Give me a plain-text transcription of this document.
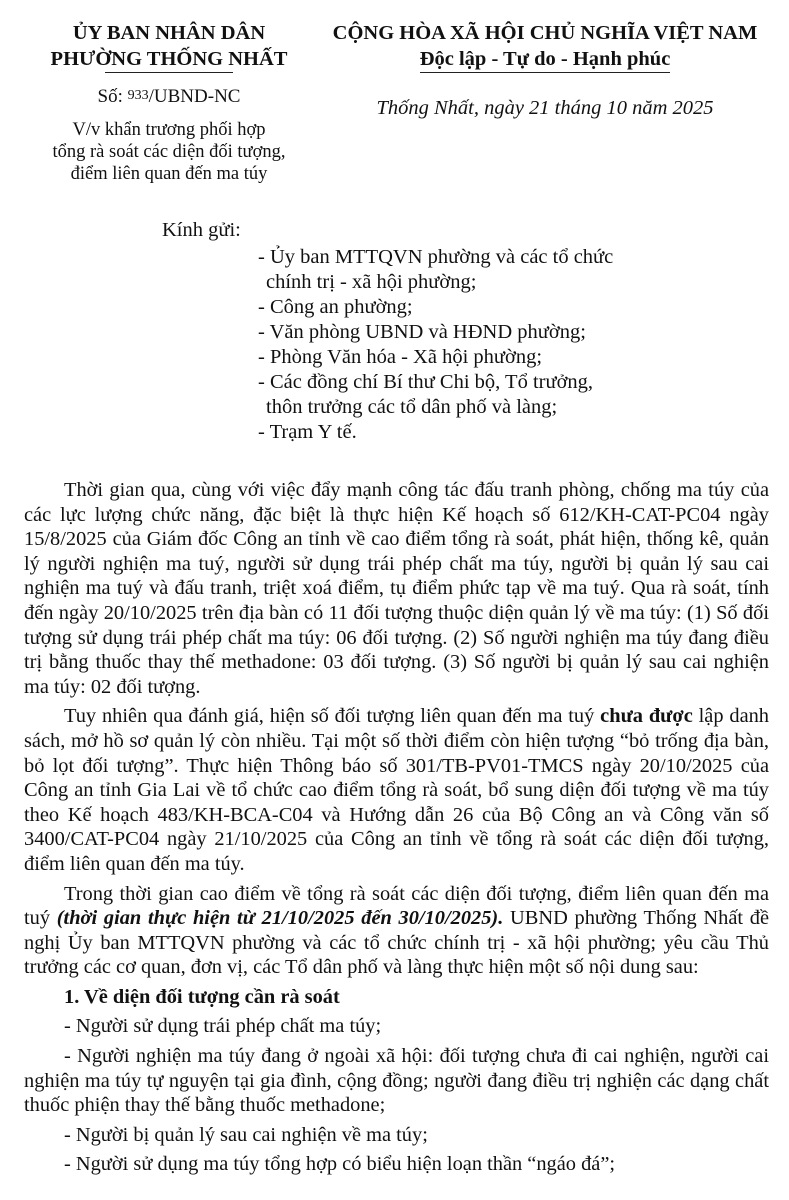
ỦY BAN NHÂN DÂN
PHƯỜNG THỐNG NHẤT
Số: 933/UBND-NC
V/v khẩn trương phối hợp
tổng rà soát các diện đối tượng,
điểm liên quan đến ma túy
CỘNG HÒA XÃ HỘI CHỦ NGHĨA VIỆT NAM
Độc lập - Tự do - Hạnh phúc
Thống Nhất, ngày 21 tháng 10 năm 2025
Kính gửi:
- Ủy ban MTTQVN phường và các tổ chức
chính trị - xã hội phường;
- Công an phường;
- Văn phòng UBND và HĐND phường;
- Phòng Văn hóa - Xã hội phường;
- Các đồng chí Bí thư Chi bộ, Tổ trưởng,
thôn trưởng các tổ dân phố và làng;
- Trạm Y tế.

Thời gian qua, cùng với việc đẩy mạnh công tác đấu tranh phòng, chống ma túy của các lực lượng chức năng, đặc biệt là thực hiện Kế hoạch số 612/KH-CAT-PC04 ngày 15/8/2025 của Giám đốc Công an tỉnh về cao điểm tổng rà soát, phát hiện, thống kê, quản lý người nghiện ma tuý, người sử dụng trái phép chất ma túy, người bị quản lý sau cai nghiện ma tuý và đấu tranh, triệt xoá điểm, tụ điểm phức tạp về ma tuý. Qua rà soát, tính đến ngày 20/10/2025 trên địa bàn có 11 đối tượng thuộc diện quản lý về ma túy: (1) Số đối tượng sử dụng trái phép chất ma túy: 06 đối tượng. (2) Số người nghiện ma túy đang điều trị bằng thuốc thay thế methadone: 03 đối tượng. (3) Số người bị quản lý sau cai nghiện ma túy: 02 đối tượng.

Tuy nhiên qua đánh giá, hiện số đối tượng liên quan đến ma tuý chưa được lập danh sách, mở hồ sơ quản lý còn nhiều. Tại một số thời điểm còn hiện tượng “bỏ trống địa bàn, bỏ lọt đối tượng”. Thực hiện Thông báo số 301/TB-PV01-TMCS ngày 20/10/2025 của Công an tỉnh Gia Lai về tổ chức cao điểm tổng rà soát, bổ sung diện đối tượng về ma túy theo Kế hoạch 483/KH-BCA-C04 và Hướng dẫn 26 của Bộ Công an và Công văn số 3400/CAT-PC04 ngày 21/10/2025 của Công an tỉnh về tổng rà soát các diện đối tượng, điểm liên quan đến ma túy.

Trong thời gian cao điểm về tổng rà soát các diện đối tượng, điểm liên quan đến ma tuý (thời gian thực hiện từ 21/10/2025 đến 30/10/2025). UBND phường Thống Nhất đề nghị Ủy ban MTTQVN phường và các tổ chức chính trị - xã hội phường; yêu cầu Thủ trưởng các cơ quan, đơn vị, các Tổ dân phố và làng thực hiện một số nội dung sau:

1. Về diện đối tượng cần rà soát

- Người sử dụng trái phép chất ma túy;

- Người nghiện ma túy đang ở ngoài xã hội: đối tượng chưa đi cai nghiện, người cai nghiện ma túy tự nguyện tại gia đình, cộng đồng; người đang điều trị nghiện các dạng chất thuốc phiện thay thế bằng thuốc methadone;

- Người bị quản lý sau cai nghiện về ma túy;

- Người sử dụng ma túy tổng hợp có biểu hiện loạn thần “ngáo đá”;
